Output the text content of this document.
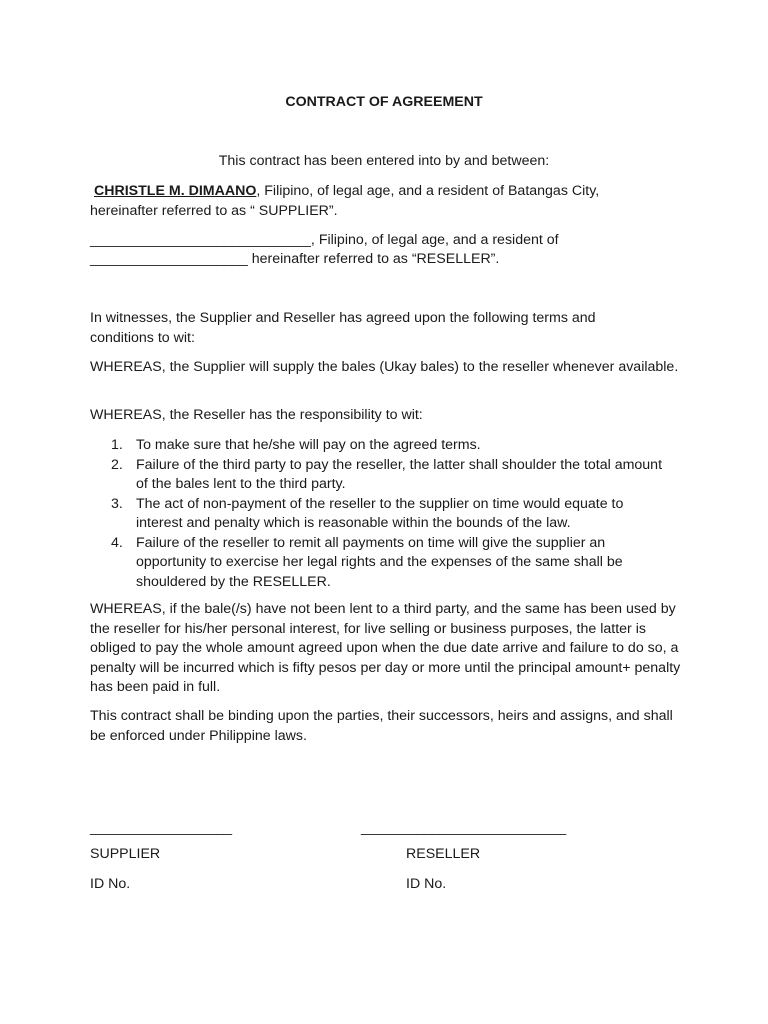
CONTRACT OF AGREEMENT

This contract has been entered into by and between:

CHRISTLE M. DIMAANO, Filipino, of legal age, and a resident of Batangas City,
hereinafter referred to as “ SUPPLIER”.
____________________________, Filipino, of legal age, and a resident of
____________________ hereinafter referred to as “RESELLER”.
In witnesses, the Supplier and Reseller has agreed upon the following terms and conditions to wit:
WHEREAS, the Supplier will supply the bales (Ukay bales) to the reseller whenever available.
WHEREAS, the Reseller has the responsibility to wit:
1. To make sure that he/she will pay on the agreed terms.
2. Failure of the third party to pay the reseller, the latter shall shoulder the total amount of the bales lent to the third party.
3. The act of non-payment of the reseller to the supplier on time would equate to interest and penalty which is reasonable within the bounds of the law.
4. Failure of the reseller to remit all payments on time will give the supplier an opportunity to exercise her legal rights and the expenses of the same shall be shouldered by the RESELLER.
WHEREAS, if the bale(/s) have not been lent to a third party, and the same has been used by the reseller for his/her personal interest, for live selling or business purposes, the latter is obliged to pay the whole amount agreed upon when the due date arrive and failure to do so, a penalty will be incurred which is fifty pesos per day or more until the principal amount+ penalty has been paid in full.
This contract shall be binding upon the parties, their successors, heirs and assigns, and shall be enforced under Philippine laws.
__________________	__________________________
SUPPLIER	RESELLER
ID No.	ID No.
